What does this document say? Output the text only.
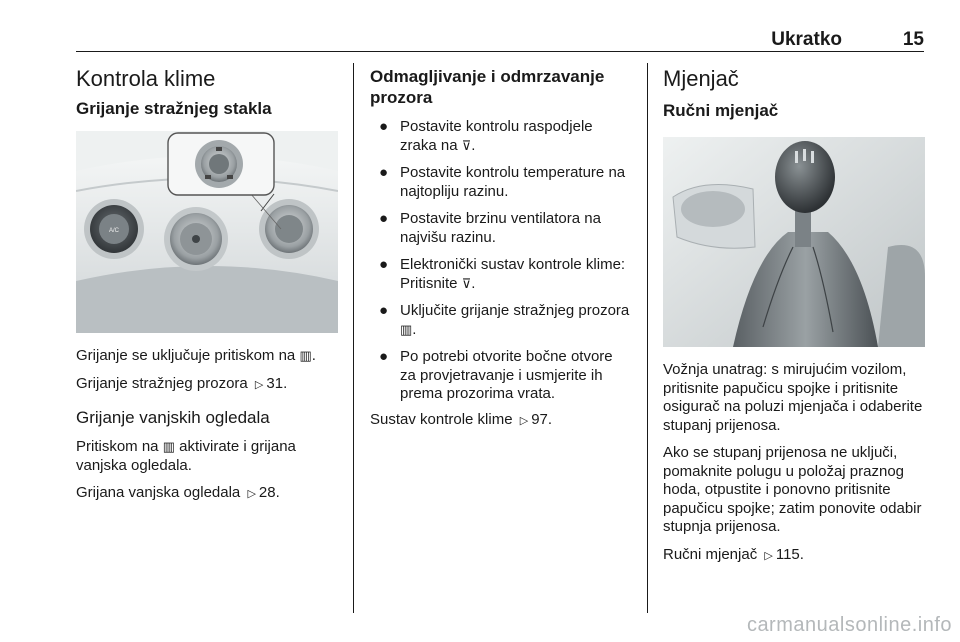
Ukratko	15
Kontrola klime
Grijanje stražnjeg stakla
A/C

Grijanje se uključuje pritiskom na ▥.

Grijanje stražnjeg prozora ▷ 31.

Grijanje vanjskih ogledala

Pritiskom na ▥ aktivirate i grijana vanjska ogledala.

Grijana vanjska ogledala ▷ 28.

Odmagljivanje i odmrzavanje prozora
● Postavite kontrolu raspodjele zraka na ⊽.
● Postavite kontrolu temperature na najtopliju razinu.
● Postavite brzinu ventilatora na najvišu razinu.
● Elektronički sustav kontrole klime: Pritisnite ⊽.
● Uključite grijanje stražnjeg prozora ▥.
● Po potrebi otvorite bočne otvore za provjetravanje i usmjerite ih prema prozorima vrata.

Sustav kontrole klime ▷ 97.

Mjenjač
Ručni mjenjač

Vožnja unatrag: s mirujućim vozilom, pritisnite papučicu spojke i pritisnite osigurač na poluzi mjenjača i odaberite stupanj prijenosa.

Ako se stupanj prijenosa ne uključi, pomaknite polugu u položaj praznog hoda, otpustite i ponovno pritisnite papučicu spojke; zatim ponovite odabir stupnja prijenosa.

Ručni mjenjač ▷ 115.

carmanualsonline.info
